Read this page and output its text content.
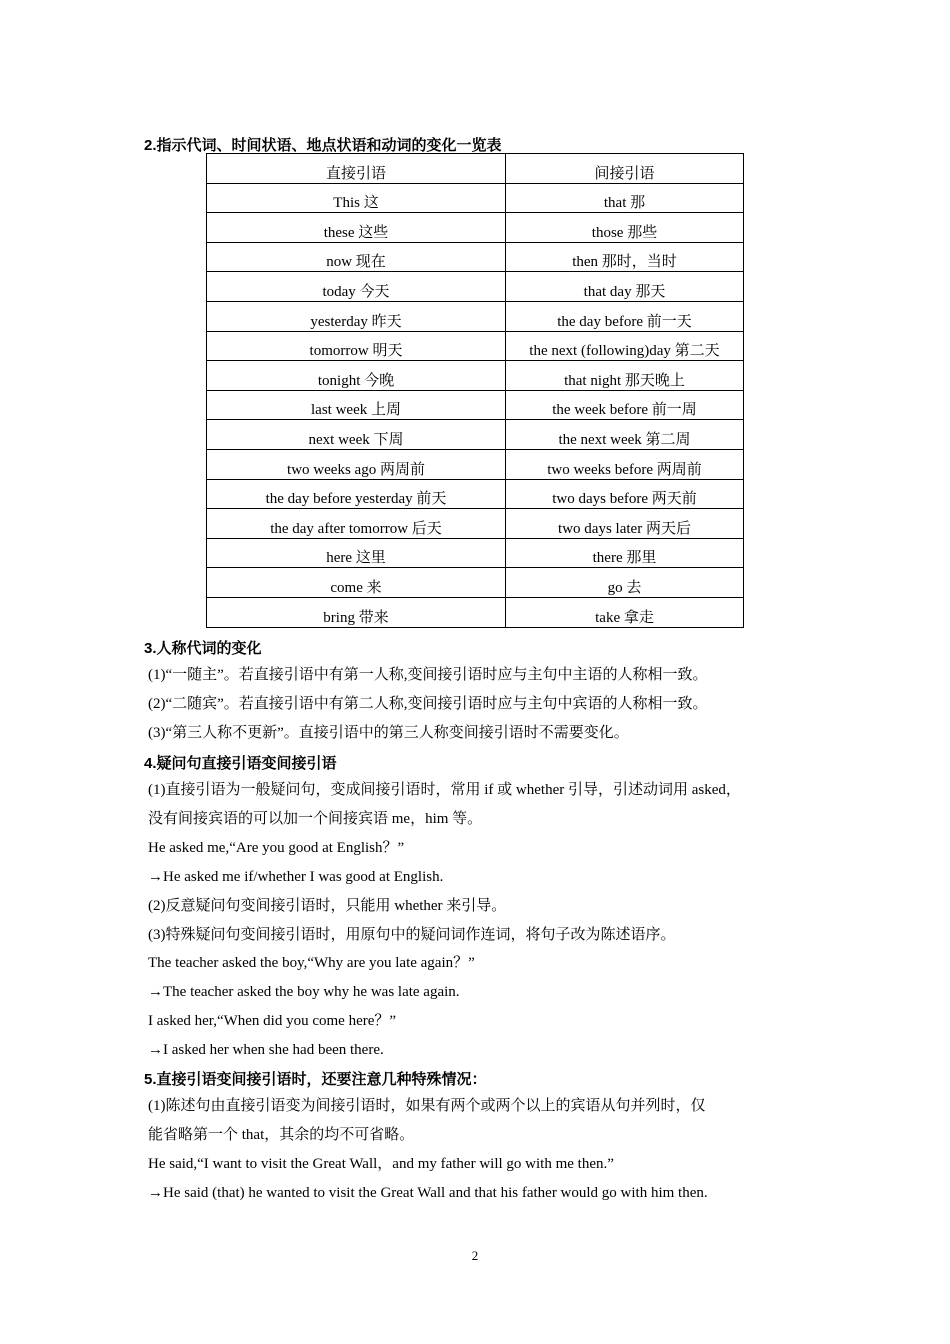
2.指示代词、时间状语、地点状语和动词的变化一览表
直接引语	间接引语
This 这	that 那
these 这些	those 那些
now 现在	then 那时，当时
today 今天	that day 那天
yesterday 昨天	the day before 前一天
tomorrow 明天	the next (following)day 第二天
tonight 今晚	that night 那天晚上
last week 上周	the week before 前一周
next week 下周	the next week 第二周
two weeks ago 两周前	two weeks before 两周前
the day before yesterday 前天	two days before 两天前
the day after tomorrow 后天	two days later 两天后
here 这里	there 那里
come 来	go 去
bring 带来	take 拿走
3.人称代词的变化
(1)“一随主”。若直接引语中有第一人称,变间接引语时应与主句中主语的人称相一致。
(2)“二随宾”。若直接引语中有第二人称,变间接引语时应与主句中宾语的人称相一致。
(3)“第三人称不更新”。直接引语中的第三人称变间接引语时不需要变化。
4.疑问句直接引语变间接引语
(1)直接引语为一般疑问句，变成间接引语时，常用 if 或 whether 引导，引述动词用 asked，
没有间接宾语的可以加一个间接宾语 me，him 等。
He asked me,“Are you good at English？”
→He asked me if/whether I was good at English.
(2)反意疑问句变间接引语时，只能用 whether 来引导。
(3)特殊疑问句变间接引语时，用原句中的疑问词作连词，将句子改为陈述语序。
The teacher asked the boy,“Why are you late again？”
→The teacher asked the boy why he was late again.
I asked her,“When did you come here？”
→I asked her when she had been there.
5.直接引语变间接引语时，还要注意几种特殊情况：
(1)陈述句由直接引语变为间接引语时，如果有两个或两个以上的宾语从句并列时，仅
能省略第一个 that，其余的均不可省略。
He said,“I want to visit the Great Wall，and my father will go with me then.”
→He said (that) he wanted to visit the Great Wall and that his father would go with him then.
2
